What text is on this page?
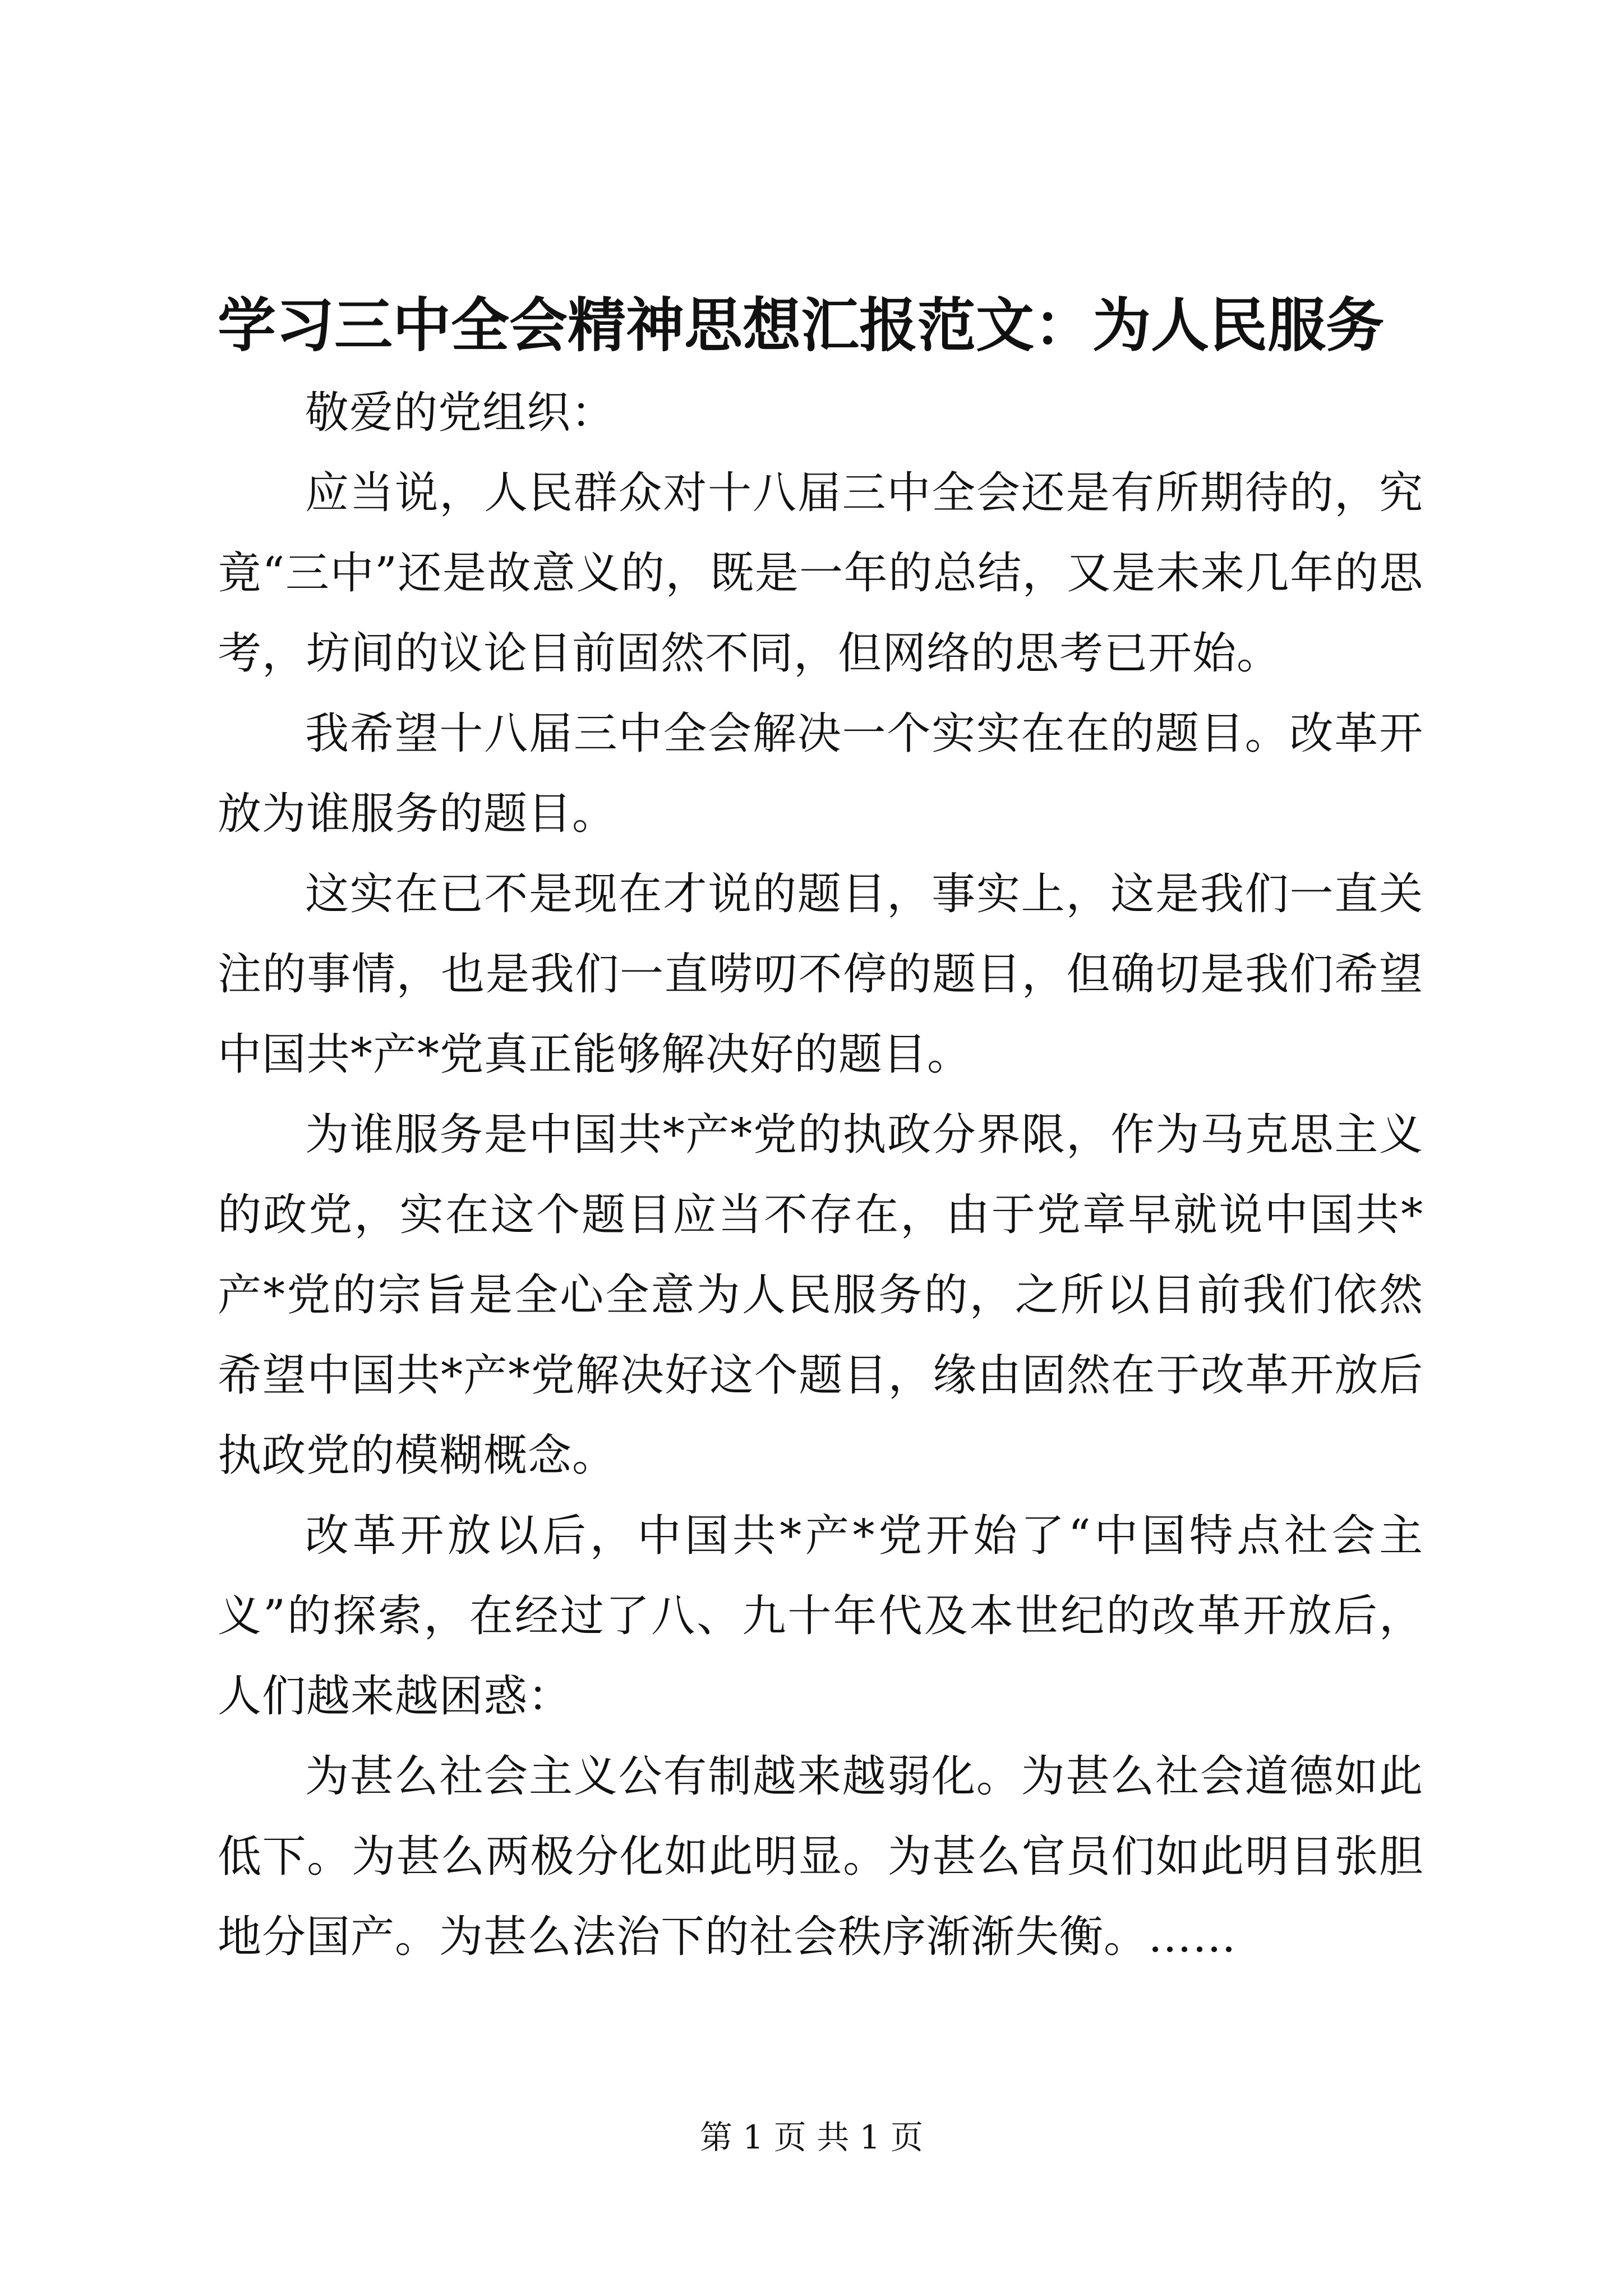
学习三中全会精神思想汇报范文：为人民服务

敬爱的党组织：

应当说，人民群众对十八届三中全会还是有所期待的，究竟“三中”还是故意义的，既是一年的总结，又是未来几年的思考，坊间的议论目前固然不同，但网络的思考已开始。

我希望十八届三中全会解决一个实实在在的题目。改革开放为谁服务的题目。

这实在已不是现在才说的题目，事实上，这是我们一直关注的事情，也是我们一直唠叨不停的题目，但确切是我们希望中国共*产*党真正能够解决好的题目。

为谁服务是中国共*产*党的执政分界限，作为马克思主义的政党，实在这个题目应当不存在，由于党章早就说中国共*产*党的宗旨是全心全意为人民服务的，之所以目前我们依然希望中国共*产*党解决好这个题目，缘由固然在于改革开放后执政党的模糊概念。

改革开放以后，中国共*产*党开始了“中国特点社会主义”的探索，在经过了八、九十年代及本世纪的改革开放后，人们越来越困惑：

为甚么社会主义公有制越来越弱化。为甚么社会道德如此低下。为甚么两极分化如此明显。为甚么官员们如此明目张胆地分国产。为甚么法治下的社会秩序渐渐失衡。……

第 1 页 共 1 页
